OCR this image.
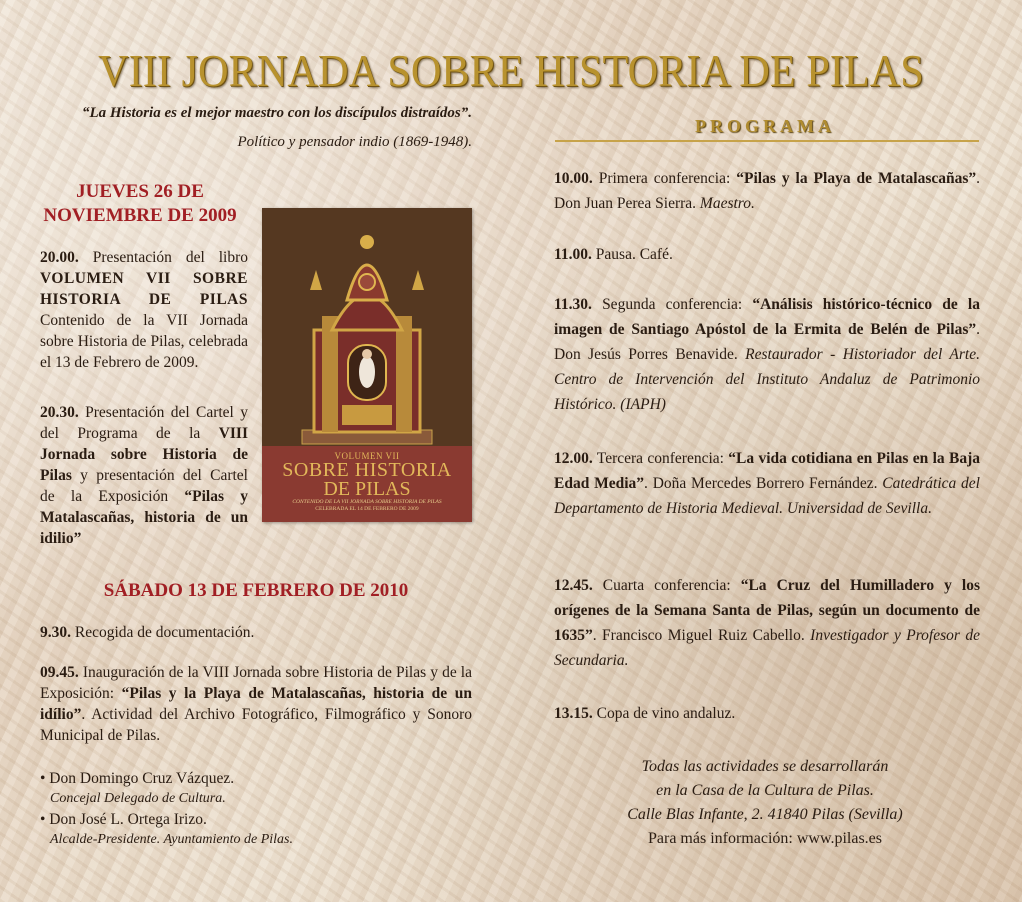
VIII JORNADA SOBRE HISTORIA DE PILAS
“La Historia es el mejor maestro con los discípulos distraídos”.
Político y pensador indio (1869-1948).
JUEVES 26 DE
NOVIEMBRE DE 2009
20.00. Presentación del libro VOLUMEN VII SOBRE HISTORIA DE PILAS Contenido de la VII Jornada sobre Historia de Pilas, celebrada el 13 de Febrero de 2009.
20.30. Presentación del Cartel y del Programa de la VIII Jornada sobre Historia de Pilas y presentación del Cartel de la Exposición “Pilas y Matalascañas, historia de un idilio”
VOLUMEN VII
SOBRE HISTORIA
DE PILAS
CONTENIDO DE LA VII JORNADA SOBRE HISTORIA DE PILAS
CELEBRADA EL 14 DE FEBRERO DE 2009
SÁBADO 13 DE FEBRERO DE 2010
9.30. Recogida de documentación.
09.45. Inauguración de la VIII Jornada sobre Historia de Pilas y de la Exposición: “Pilas y la Playa de Matalascañas, historia de un idílio”. Actividad del Archivo Fotográfico, Filmográfico y Sonoro Municipal de Pilas.
• Don Domingo Cruz Vázquez.
Concejal Delegado de Cultura.
• Don José L. Ortega Irizo.
Alcalde-Presidente. Ayuntamiento de Pilas.
PROGRAMA
10.00. Primera conferencia: “Pilas y la Playa de Matalascañas”. Don Juan Perea Sierra. Maestro.
11.00. Pausa. Café.
11.30. Segunda conferencia: “Análisis histórico-técnico de la imagen de Santiago Apóstol de la Ermita de Belén de Pilas”. Don Jesús Porres Benavide. Restaurador - Historiador del Arte. Centro de Intervención del Instituto Andaluz de Patrimonio Histórico. (IAPH)
12.00. Tercera conferencia: “La vida cotidiana en Pilas en la Baja Edad Media”. Doña Mercedes Borrero Fernández. Catedrática del Departamento de Historia Medieval. Universidad de Sevilla.
12.45. Cuarta conferencia: “La Cruz del Humilladero y los orígenes de la Semana Santa de Pilas, según un documento de 1635”. Francisco Miguel Ruiz Cabello. Investigador y Profesor de Secundaria.
13.15. Copa de vino andaluz.
Todas las actividades se desarrollarán
en la Casa de la Cultura de Pilas.
Calle Blas Infante, 2. 41840 Pilas (Sevilla)
Para más información: www.pilas.es
